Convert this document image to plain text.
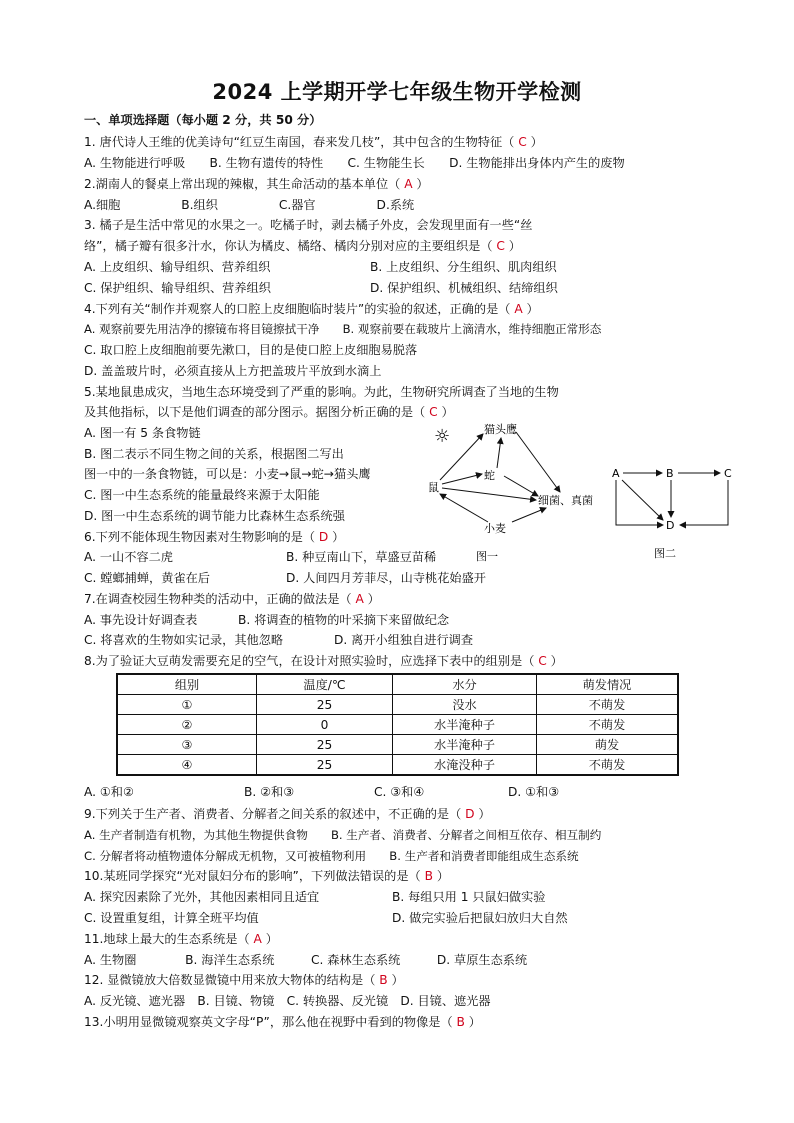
2024 上学期开学七年级生物开学检测
一、单项选择题（每小题 2 分，共 50 分）
1. 唐代诗人王维的优美诗句“红豆生南国，春来发几枝”，其中包含的生物特征（ C ）
A. 生物能进行呼吸　　B. 生物有遗传的特性　　C. 生物能生长　　D. 生物能排出身体内产生的废物
2.湖南人的餐桌上常出现的辣椒，其生命活动的基本单位（ A ）
A.细胞　　　　　B.组织　　　　　C.器官　　　　　D.系统
3. 橘子是生活中常见的水果之一。吃橘子时，剥去橘子外皮，会发现里面有一些“丝
络”，橘子瓣有很多汁水，你认为橘皮、橘络、橘肉分别对应的主要组织是（ C ）
A. 上皮组织、输导组织、营养组织	B. 上皮组织、分生组织、肌肉组织
C. 保护组织、输导组织、营养组织	D. 保护组织、机械组织、结缔组织
4.下列有关“制作并观察人的口腔上皮细胞临时装片”的实验的叙述，正确的是（ A ）
A. 观察前要先用洁净的擦镜布将目镜擦拭干净　　B. 观察前要在载玻片上滴清水，维持细胞正常形态
C. 取口腔上皮细胞前要先漱口，目的是使口腔上皮细胞易脱落
D. 盖盖玻片时，必须直接从上方把盖玻片平放到水滴上
5.某地鼠患成灾，当地生态环境受到了严重的影响。为此，生物研究所调查了当地的生物
及其他指标，以下是他们调查的部分图示。据图分析正确的是（ C ）
A. 图一有 5 条食物链
B. 图二表示不同生物之间的关系，根据图二写出
图一中的一条食物链，可以是：小麦→鼠→蛇→猫头鹰
C. 图一中生态系统的能量最终来源于太阳能
D. 图一中生态系统的调节能力比森林生态系统强
☼	猫头鹰
蛇
鼠
细菌、真菌
小麦
图一
A	B	C
D
图二
6.下列不能体现生物因素对生物影响的是（ D ）
A. 一山不容二虎	B. 种豆南山下，草盛豆苗稀
C. 螳螂捕蝉，黄雀在后	D. 人间四月芳菲尽，山寺桃花始盛开
7.在调查校园生物种类的活动中，正确的做法是（ A ）
A. 事先设计好调查表	B. 将调查的植物的叶采摘下来留做纪念
C. 将喜欢的生物如实记录，其他忽略	D. 离开小组独自进行调查
8.为了验证大豆萌发需要充足的空气，在设计对照实验时，应选择下表中的组别是（ C ）
组别	温度/℃	水分	萌发情况
①	25	没水	不萌发
②	0	水半淹种子	不萌发
③	25	水半淹种子	萌发
④	25	水淹没种子	不萌发
A. ①和②	B. ②和③	C. ③和④	D. ①和③
9.下列关于生产者、消费者、分解者之间关系的叙述中，不正确的是（ D ）
A. 生产者制造有机物，为其他生物提供食物　　B. 生产者、消费者、分解者之间相互依存、相互制约
C. 分解者将动植物遗体分解成无机物，又可被植物利用　　B. 生产者和消费者即能组成生态系统
10.某班同学探究“光对鼠妇分布的影响”，下列做法错误的是（ B ）
A. 探究因素除了光外，其他因素相同且适宜	B. 每组只用 1 只鼠妇做实验
C. 设置重复组，计算全班平均值	D. 做完实验后把鼠妇放归大自然
11.地球上最大的生态系统是（ A ）
A. 生物圈　　　　B. 海洋生态系统　　　C. 森林生态系统　　　D. 草原生态系统
12. 显微镜放大倍数显微镜中用来放大物体的结构是（ B ）
A. 反光镜、遮光器　B. 目镜、物镜　C. 转换器、反光镜　D. 目镜、遮光器
13.小明用显微镜观察英文字母“P”，那么他在视野中看到的物像是（ B ）
